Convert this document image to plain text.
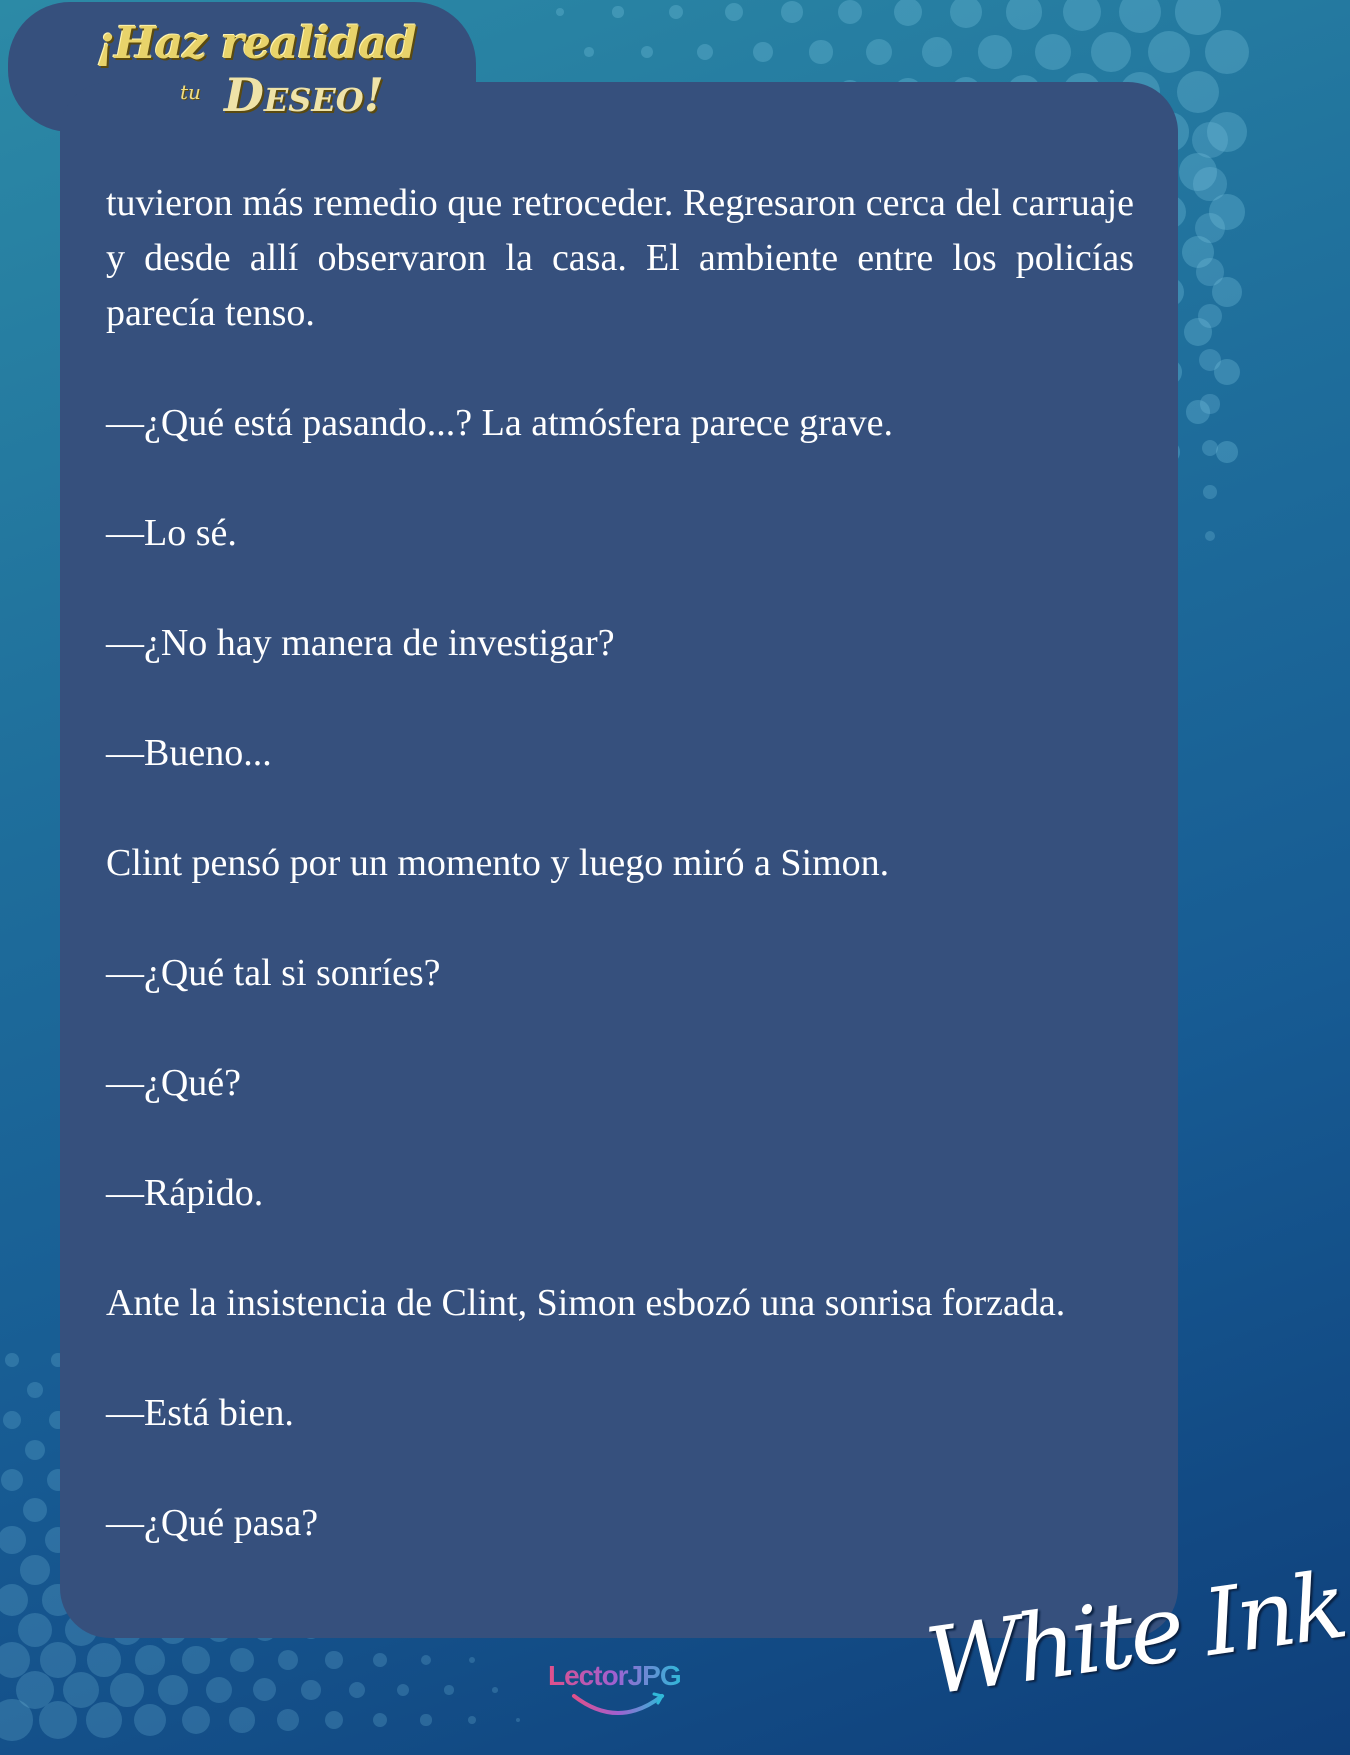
¡Haz realidad
tu Deseo!

tuvieron más remedio que retroceder. Regresaron cerca del carruaje y desde allí observaron la casa. El ambiente entre los policías parecía tenso.

—¿Qué está pasando...? La atmósfera parece grave.

—Lo sé.

—¿No hay manera de investigar?

—Bueno...

Clint pensó por un momento y luego miró a Simon.

—¿Qué tal si sonríes?

—¿Qué?

—Rápido.

Ante la insistencia de Clint, Simon esbozó una sonrisa forzada.

—Está bien.

—¿Qué pasa?

LectorJPG	White Ink
